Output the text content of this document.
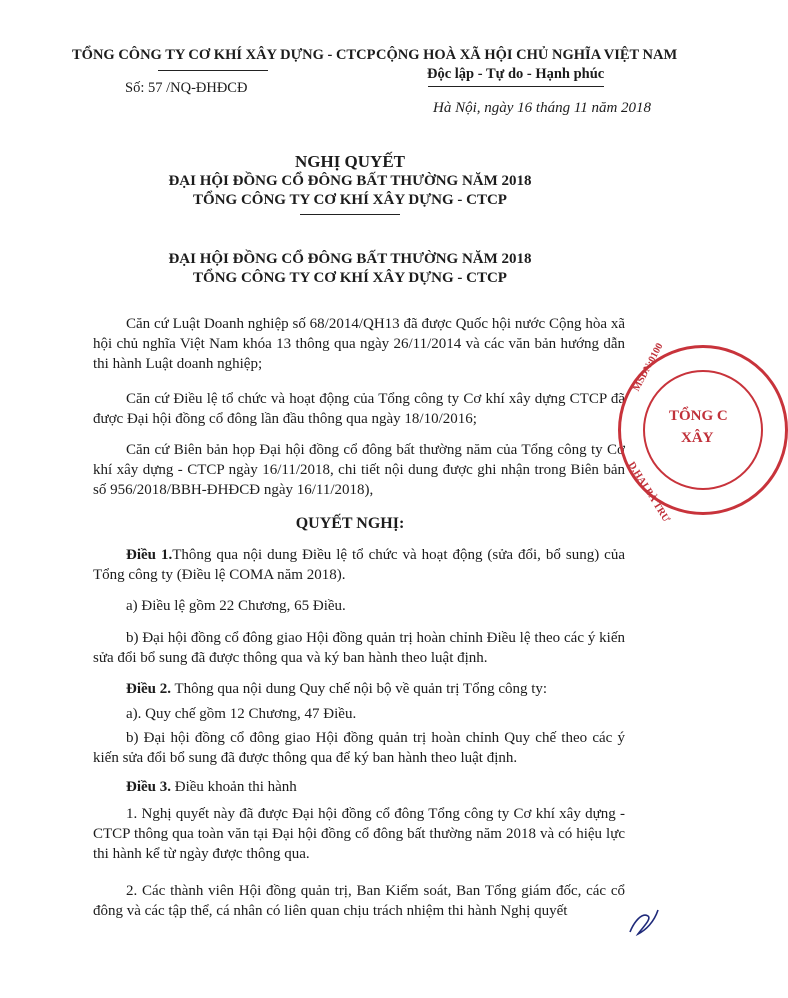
TỔNG CÔNG TY CƠ KHÍ XÂY DỰNG - CTCP
Số: 57 /NQ-ĐHĐCĐ
CỘNG HOÀ XÃ HỘI CHỦ NGHĨA VIỆT NAM
Độc lập - Tự do - Hạnh phúc
Hà Nội, ngày 16 tháng 11 năm 2018
NGHỊ QUYẾT
ĐẠI HỘI ĐỒNG CỔ ĐÔNG BẤT THƯỜNG NĂM 2018
TỔNG CÔNG TY CƠ KHÍ XÂY DỰNG - CTCP
ĐẠI HỘI ĐỒNG CỔ ĐÔNG BẤT THƯỜNG NĂM 2018
TỔNG CÔNG TY CƠ KHÍ XÂY DỰNG - CTCP
Căn cứ Luật Doanh nghiệp số 68/2014/QH13 đã được Quốc hội nước Cộng hòa xã hội chủ nghĩa Việt Nam khóa 13 thông qua ngày 26/11/2014 và các văn bản hướng dẫn thi hành Luật doanh nghiệp;
Căn cứ Điều lệ tổ chức và hoạt động của Tổng công ty Cơ khí xây dựng CTCP đã được Đại hội đồng cổ đông lần đầu thông qua ngày 18/10/2016;
Căn cứ Biên bản họp Đại hội đồng cổ đông bất thường năm của Tổng công ty Cơ khí xây dựng - CTCP ngày 16/11/2018, chi tiết nội dung được ghi nhận trong Biên bản số 956/2018/BBH-ĐHĐCĐ ngày 16/11/2018),
QUYẾT NGHỊ:
Điều 1.Thông qua nội dung Điều lệ tổ chức và hoạt động (sửa đổi, bổ sung) của Tổng công ty (Điều lệ COMA năm 2018).
a) Điều lệ gồm 22 Chương, 65 Điều.
b) Đại hội đồng cổ đông giao Hội đồng quản trị hoàn chỉnh Điều lệ theo các ý kiến sửa đổi bổ sung đã được thông qua và ký ban hành theo luật định.
Điều 2. Thông qua nội dung Quy chế nội bộ về quản trị Tổng công ty:
a). Quy chế gồm 12 Chương, 47 Điều.
b) Đại hội đồng cổ đông giao Hội đồng quản trị hoàn chỉnh Quy chế theo các ý kiến sửa đổi bổ sung đã được thông qua để ký ban hành theo luật định.
Điều 3. Điều khoản thi hành
1. Nghị quyết này đã được Đại hội đồng cổ đông Tổng công ty Cơ khí xây dựng - CTCP thông qua toàn văn tại Đại hội đồng cổ đông bất thường năm 2018 và có hiệu lực thi hành kể từ ngày được thông qua.
2. Các thành viên Hội đồng quản trị, Ban Kiểm soát, Ban Tổng giám đốc, các cổ đông và các tập thể, cá nhân có liên quan chịu trách nhiệm thi hành Nghị quyết
MSDN:0100
TỔNG C
XÂY
D.HAI BÀ TRƯ
